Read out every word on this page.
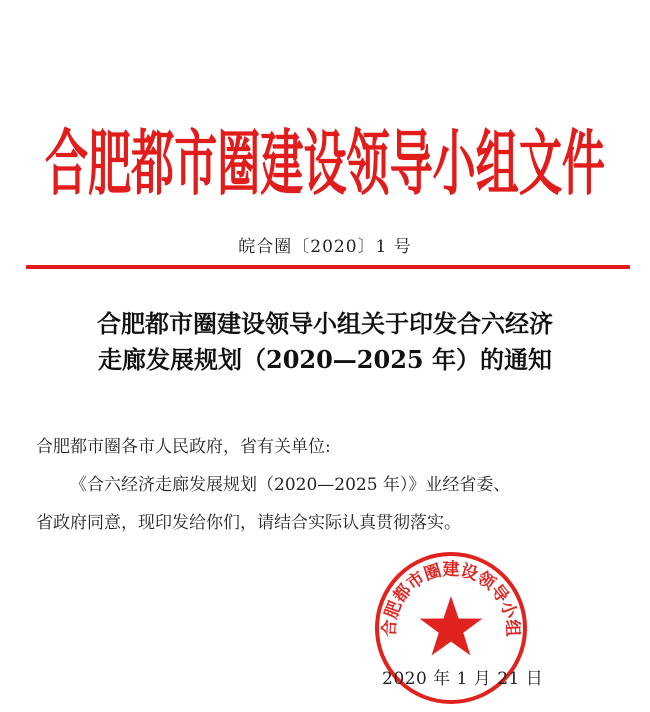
合肥都市圈建设领导小组文件
皖合圈〔2020〕1 号
合肥都市圈建设领导小组关于印发合六经济
走廊发展规划（2020—2025 年）的通知

合肥都市圈各市人民政府，省有关单位:

《合六经济走廊发展规划（2020—2025 年）》业经省委、

省政府同意，现印发给你们，请结合实际认真贯彻落实。

合肥都市圈建设领导小组
2020 年 1 月 21 日
